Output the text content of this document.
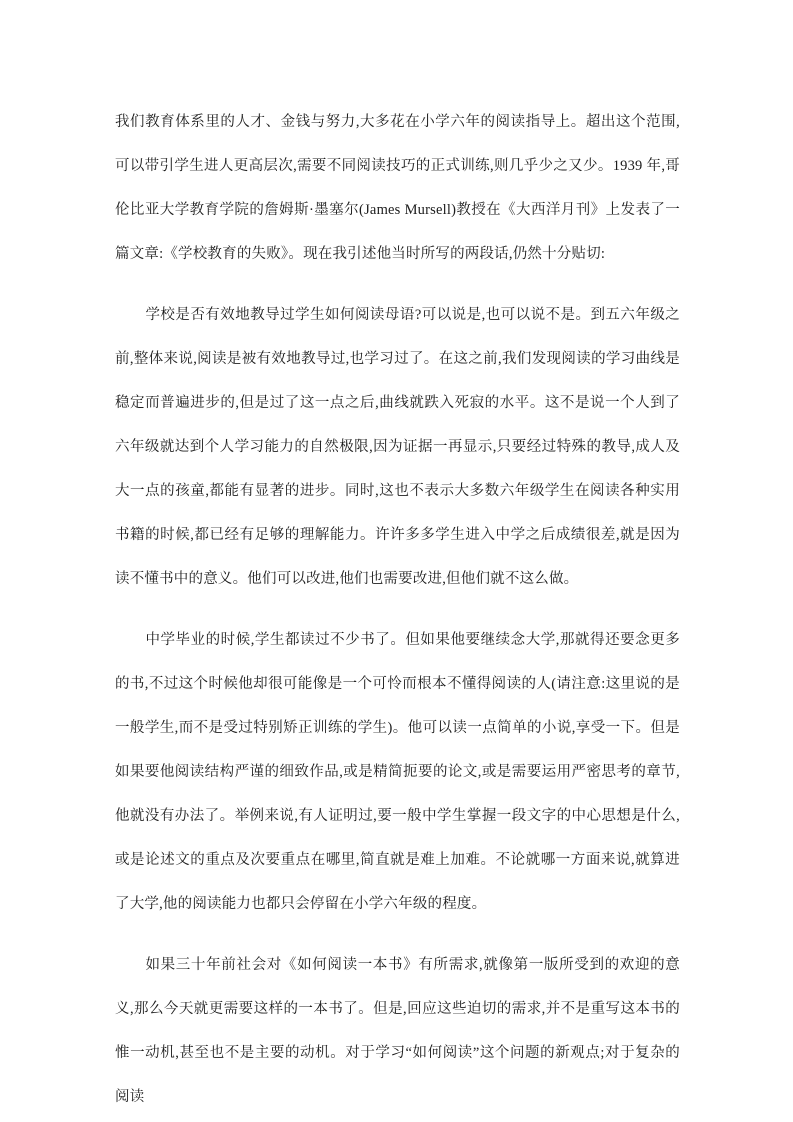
我们教育体系里的人才、金钱与努力,大多花在小学六年的阅读指导上。超出这个范围,可以带引学生进人更高层次,需要不同阅读技巧的正式训练,则几乎少之又少。1939 年,哥伦比亚大学教育学院的詹姆斯·墨塞尔(James Mursell)教授在《大西洋月刊》上发表了一篇文章:《学校教育的失败》。现在我引述他当时所写的两段话,仍然十分贴切:

学校是否有效地教导过学生如何阅读母语?可以说是,也可以说不是。到五六年级之前,整体来说,阅读是被有效地教导过,也学习过了。在这之前,我们发现阅读的学习曲线是稳定而普遍进步的,但是过了这一点之后,曲线就跌入死寂的水平。这不是说一个人到了六年级就达到个人学习能力的自然极限,因为证据一再显示,只要经过特殊的教导,成人及大一点的孩童,都能有显著的进步。同时,这也不表示大多数六年级学生在阅读各种实用书籍的时候,都已经有足够的理解能力。许许多多学生进入中学之后成绩很差,就是因为读不懂书中的意义。他们可以改进,他们也需要改进,但他们就不这么做。

中学毕业的时候,学生都读过不少书了。但如果他要继续念大学,那就得还要念更多的书,不过这个时候他却很可能像是一个可怜而根本不懂得阅读的人(请注意:这里说的是一般学生,而不是受过特别矫正训练的学生)。他可以读一点简单的小说,享受一下。但是如果要他阅读结构严谨的细致作品,或是精简扼要的论文,或是需要运用严密思考的章节,他就没有办法了。举例来说,有人证明过,要一般中学生掌握一段文字的中心思想是什么,或是论述文的重点及次要重点在哪里,简直就是难上加难。不论就哪一方面来说,就算进了大学,他的阅读能力也都只会停留在小学六年级的程度。

如果三十年前社会对《如何阅读一本书》有所需求,就像第一版所受到的欢迎的意义,那么今天就更需要这样的一本书了。但是,回应这些迫切的需求,并不是重写这本书的惟一动机,甚至也不是主要的动机。对于学习“如何阅读”这个问题的新观点;对于复杂的阅读
